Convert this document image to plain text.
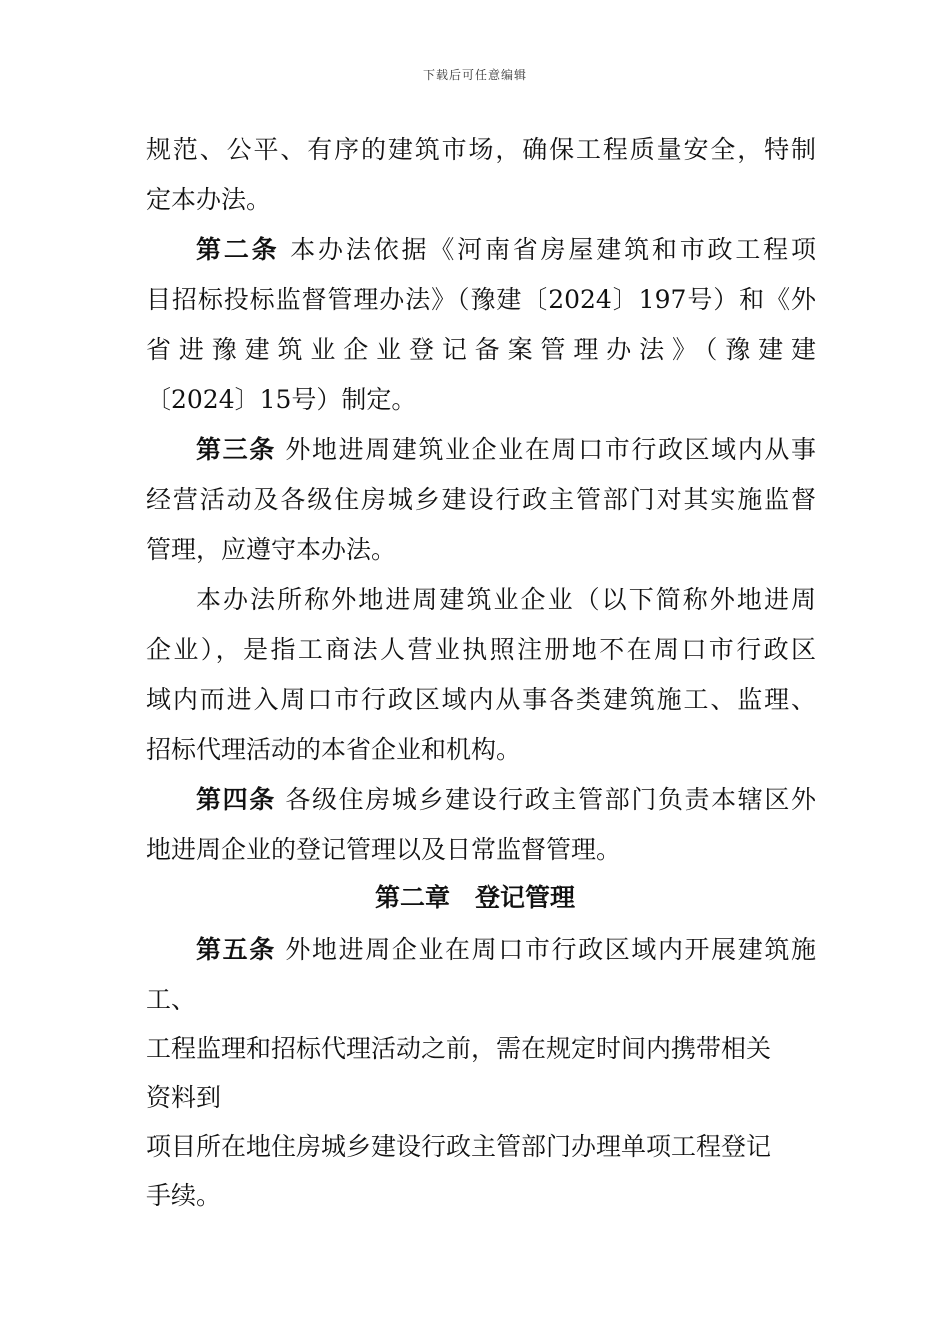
下载后可任意编辑
规范、公平、有序的建筑市场，确保工程质量安全，特制
定本办法。
第二条 本办法依据《河南省房屋建筑和市政工程项
目招标投标监督管理办法》（豫建〔2024〕197号）和《外
省进豫建筑业企业登记备案管理办法》（豫建建
〔2024〕15号）制定。
第三条 外地进周建筑业企业在周口市行政区域内从事
经营活动及各级住房城乡建设行政主管部门对其实施监督
管理，应遵守本办法。
本办法所称外地进周建筑业企业（以下简称外地进周
企业），是指工商法人营业执照注册地不在周口市行政区
域内而进入周口市行政区域内从事各类建筑施工、监理、
招标代理活动的本省企业和机构。
第四条 各级住房城乡建设行政主管部门负责本辖区外
地进周企业的登记管理以及日常监督管理。
第二章　登记管理
第五条 外地进周企业在周口市行政区域内开展建筑施
工、
工程监理和招标代理活动之前，需在规定时间内携带相关
资料到
项目所在地住房城乡建设行政主管部门办理单项工程登记
手续。
